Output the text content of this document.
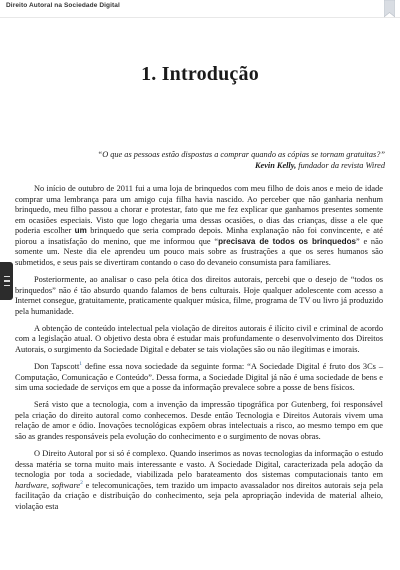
Direito Autoral na Sociedade Digital
1. Introdução
“O que as pessoas estão dispostas a comprar quando as cópias se tornam gratuitas?”
Kevin Kelly, fundador da revista Wired

No início de outubro de 2011 fui a uma loja de brinquedos com meu filho de dois anos e meio de idade comprar uma lembrança para um amigo cuja filha havia nascido. Ao perceber que não ganharia nenhum brinquedo, meu filho passou a chorar e protestar, fato que me fez explicar que ganhamos presentes somente em ocasiões especiais. Visto que logo chegaria uma dessas ocasiões, o dias das crianças, disse a ele que poderia escolher um brinquedo que seria comprado depois. Minha explanação não foi convincente, e até piorou a insatisfação do menino, que me informou que “precisava de todos os brinquedos” e não somente um. Neste dia ele aprendeu um pouco mais sobre as frustrações a que os seres humanos são submetidos, e seus pais se divertiram contando o caso do devaneio consumista para familiares.

Posteriormente, ao analisar o caso pela ótica dos direitos autorais, percebi que o desejo de “todos os brinquedos” não é tão absurdo quando falamos de bens culturais. Hoje qualquer adolescente com acesso a Internet consegue, gratuitamente, praticamente qualquer música, filme, programa de TV ou livro já produzido pela humanidade.

A obtenção de conteúdo intelectual pela violação de direitos autorais é ilícito civil e criminal de acordo com a legislação atual. O objetivo desta obra é estudar mais profundamente o desenvolvimento dos Direitos Autorais, o surgimento da Sociedade Digital e debater se tais violações são ou não ilegítimas e imorais.

Don Tapscott$^1$ define essa nova sociedade da seguinte forma: “A Sociedade Digital é fruto dos 3Cs – Computação, Comunicação e Conteúdo”. Dessa forma, a Sociedade Digital já não é uma sociedade de bens e sim uma sociedade de serviços em que a posse da informação prevalece sobre a posse de bens físicos.

Será visto que a tecnologia, com a invenção da impressão tipográfica por Gutenberg, foi responsável pela criação do direito autoral como conhecemos. Desde então Tecnologia e Direitos Autorais vivem uma relação de amor e ódio. Inovações tecnológicas expõem obras intelectuais a risco, ao mesmo tempo em que são as grandes responsáveis pela evolução do conhecimento e o surgimento de novas obras.

O Direito Autoral por si só é complexo. Quando inserimos as novas tecnologias da informação o estudo dessa matéria se torna muito mais interessante e vasto. A Sociedade Digital, caracterizada pela adoção da tecnologia por toda a sociedade, viabilizada pelo barateamento dos sistemas computacionais tanto em hardware, software$^2$ e telecomunicações, tem trazido um impacto avassalador nos direitos autorais seja pela facilitação da criação e distribuição do conhecimento, seja pela apropriação indevida de material alheio, violação esta
